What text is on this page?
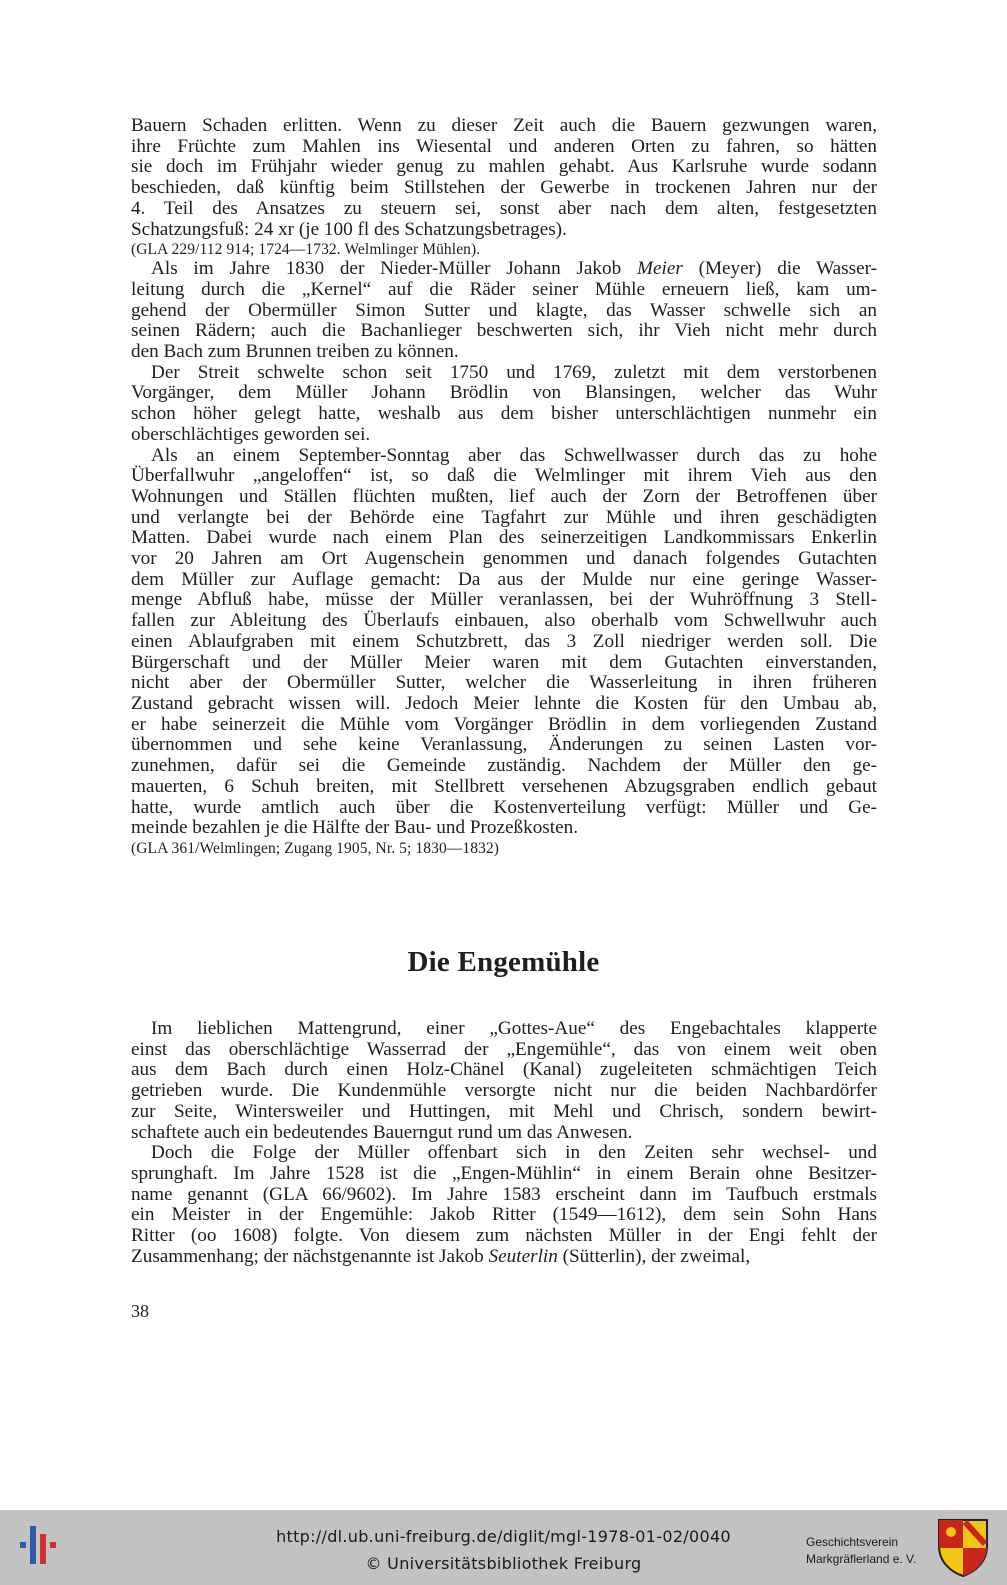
Bauern Schaden erlitten. Wenn zu dieser Zeit auch die Bauern gezwungen waren,
ihre Früchte zum Mahlen ins Wiesental und anderen Orten zu fahren, so hätten
sie doch im Frühjahr wieder genug zu mahlen gehabt. Aus Karlsruhe wurde sodann
beschieden, daß künftig beim Stillstehen der Gewerbe in trockenen Jahren nur der
4. Teil des Ansatzes zu steuern sei, sonst aber nach dem alten, festgesetzten
Schatzungsfuß: 24 xr (je 100 fl des Schatzungsbetrages).
(GLA 229/112 914; 1724—1732. Welmlinger Mühlen).
Als im Jahre 1830 der Nieder-Müller Johann Jakob Meier (Meyer) die Wasser-
leitung durch die „Kernel“ auf die Räder seiner Mühle erneuern ließ, kam um-
gehend der Obermüller Simon Sutter und klagte, das Wasser schwelle sich an
seinen Rädern; auch die Bachanlieger beschwerten sich, ihr Vieh nicht mehr durch
den Bach zum Brunnen treiben zu können.
Der Streit schwelte schon seit 1750 und 1769, zuletzt mit dem verstorbenen
Vorgänger, dem Müller Johann Brödlin von Blansingen, welcher das Wuhr
schon höher gelegt hatte, weshalb aus dem bisher unterschlächtigen nunmehr ein
oberschlächtiges geworden sei.
Als an einem September-Sonntag aber das Schwellwasser durch das zu hohe
Überfallwuhr „angeloffen“ ist, so daß die Welmlinger mit ihrem Vieh aus den
Wohnungen und Ställen flüchten mußten, lief auch der Zorn der Betroffenen über
und verlangte bei der Behörde eine Tagfahrt zur Mühle und ihren geschädigten
Matten. Dabei wurde nach einem Plan des seinerzeitigen Landkommissars Enkerlin
vor 20 Jahren am Ort Augenschein genommen und danach folgendes Gutachten
dem Müller zur Auflage gemacht: Da aus der Mulde nur eine geringe Wasser-
menge Abfluß habe, müsse der Müller veranlassen, bei der Wuhröffnung 3 Stell-
fallen zur Ableitung des Überlaufs einbauen, also oberhalb vom Schwellwuhr auch
einen Ablaufgraben mit einem Schutzbrett, das 3 Zoll niedriger werden soll. Die
Bürgerschaft und der Müller Meier waren mit dem Gutachten einverstanden,
nicht aber der Obermüller Sutter, welcher die Wasserleitung in ihren früheren
Zustand gebracht wissen will. Jedoch Meier lehnte die Kosten für den Umbau ab,
er habe seinerzeit die Mühle vom Vorgänger Brödlin in dem vorliegenden Zustand
übernommen und sehe keine Veranlassung, Änderungen zu seinen Lasten vor-
zunehmen, dafür sei die Gemeinde zuständig. Nachdem der Müller den ge-
mauerten, 6 Schuh breiten, mit Stellbrett versehenen Abzugsgraben endlich gebaut
hatte, wurde amtlich auch über die Kostenverteilung verfügt: Müller und Ge-
meinde bezahlen je die Hälfte der Bau- und Prozeßkosten.
(GLA 361/Welmlingen; Zugang 1905, Nr. 5; 1830—1832)
Die Engemühle
Im lieblichen Mattengrund, einer „Gottes-Aue“ des Engebachtales klapperte
einst das oberschlächtige Wasserrad der „Engemühle“, das von einem weit oben
aus dem Bach durch einen Holz-Chänel (Kanal) zugeleiteten schmächtigen Teich
getrieben wurde. Die Kundenmühle versorgte nicht nur die beiden Nachbardörfer
zur Seite, Wintersweiler und Huttingen, mit Mehl und Chrisch, sondern bewirt-
schaftete auch ein bedeutendes Bauerngut rund um das Anwesen.
Doch die Folge der Müller offenbart sich in den Zeiten sehr wechsel- und
sprunghaft. Im Jahre 1528 ist die „Engen-Mühlin“ in einem Berain ohne Besitzer-
name genannt (GLA 66/9602). Im Jahre 1583 erscheint dann im Taufbuch erstmals
ein Meister in der Engemühle: Jakob Ritter (1549—1612), dem sein Sohn Hans
Ritter (oo 1608) folgte. Von diesem zum nächsten Müller in der Engi fehlt der
Zusammenhang; der nächstgenannte ist Jakob Seuterlin (Sütterlin), der zweimal,
38
http://dl.ub.uni-freiburg.de/diglit/mgl-1978-01-02/0040
© Universitätsbibliothek Freiburg
Geschichtsverein
Markgräflerland e. V.
